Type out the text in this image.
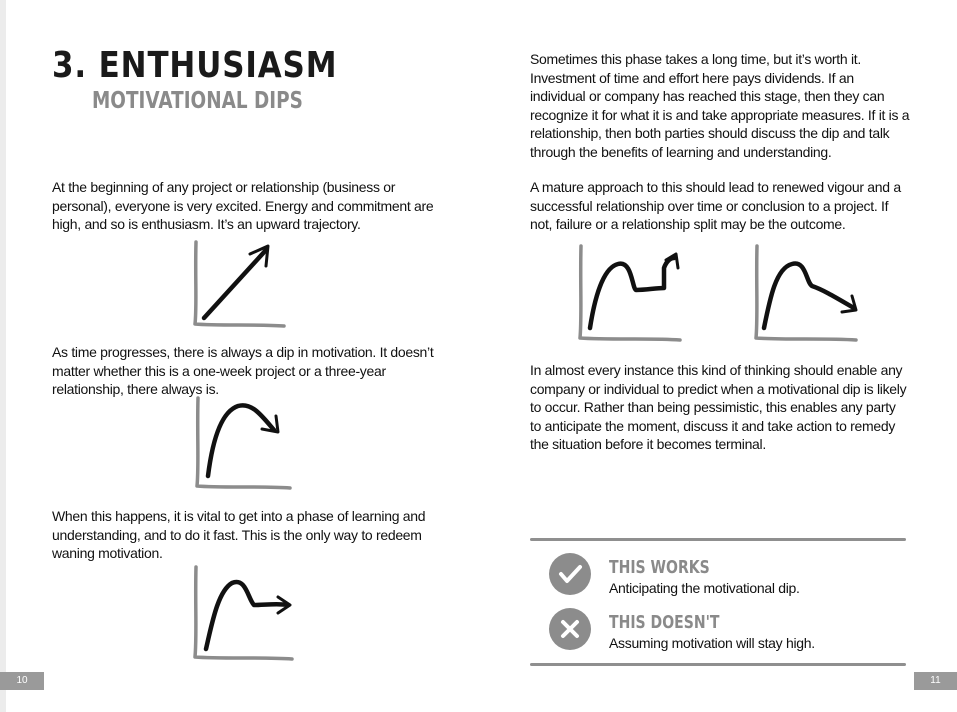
3. ENTHUSIASM
MOTIVATIONAL DIPS

At the beginning of any project or relationship (business or personal), everyone is very excited. Energy and commitment are high, and so is enthusiasm. It’s an upward trajectory.

As time progresses, there is always a dip in motivation. It doesn’t matter whether this is a one-week project or a three-year relationship, there always is.

When this happens, it is vital to get into a phase of learning and understanding, and to do it fast. This is the only way to redeem waning motivation.

10

Sometimes this phase takes a long time, but it’s worth it. Investment of time and effort here pays dividends. If an individual or company has reached this stage, then they can recognize it for what it is and take appropriate measures. If it is a relationship, then both parties should discuss the dip and talk through the benefits of learning and understanding.

A mature approach to this should lead to renewed vigour and a successful relationship over time or conclusion to a project. If not, failure or a relationship split may be the outcome.

In almost every instance this kind of thinking should enable any company or individual to predict when a motivational dip is likely to occur. Rather than being pessimistic, this enables any party to anticipate the moment, discuss it and take action to remedy the situation before it becomes terminal.

THIS WORKS

Anticipating the motivational dip.

THIS DOESN'T

Assuming motivation will stay high.

11
